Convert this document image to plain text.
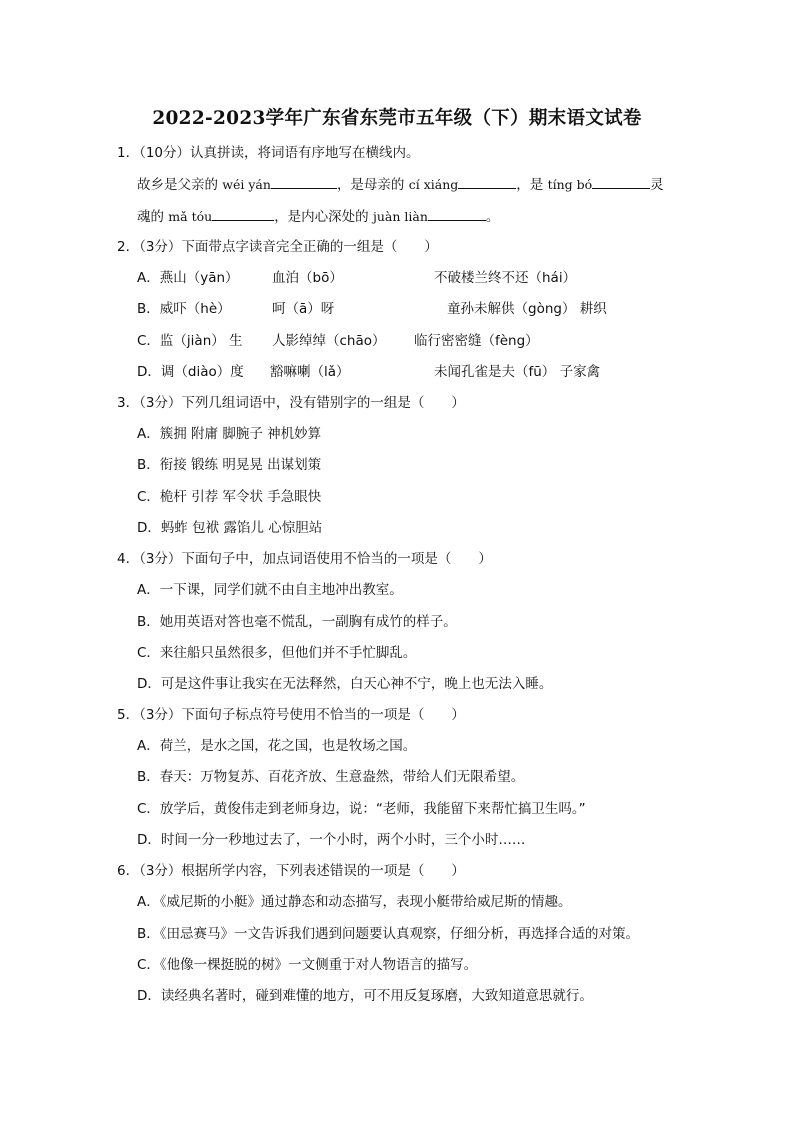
2022-2023学年广东省东莞市五年级（下）期末语文试卷
1．（10分）认真拼读，将词语有序地写在横线内。
故乡是父亲的 wéi yán	，是母亲的 cí xiáng	，是 tíng bó	灵
魂的 mǎ tóu	，是内心深处的 juàn liàn	。
2．（3分）下面带点字读音完全正确的一组是（　　）
A．燕山（yān） 血泊（bō）	不破楼兰终不还（hái）
B．威吓（hè）	呵（ā）呀	童孙未解供（gòng） 耕织
C．监（jiàn） 生 人影绰绰（chāo） 临行密密缝（fèng）
D．调（diào）度 豁嘛喇（lǎ）	未闻孔雀是夫（fū） 子家禽
3．（3分）下列几组词语中，没有错别字的一组是（　　）
A．簇拥 附庸 脚腕子 神机妙算
B．衔接 锻练 明晃晃 出谋划策
C．桅杆 引荐 军令状 手急眼快
D．蚂蚱 包袱 露馅儿 心惊胆站
4．（3分）下面句子中，加点词语使用不恰当的一项是（　　）
A．一下课，同学们就不由自主地冲出教室。
B．她用英语对答也毫不慌乱，一副胸有成竹的样子。
C．来往船只虽然很多，但他们并不手忙脚乱。
D．可是这件事让我实在无法释然，白天心神不宁，晚上也无法入睡。
5．（3分）下面句子标点符号使用不恰当的一项是（　　）
A．荷兰，是水之国，花之国，也是牧场之国。
B．春天：万物复苏、百花齐放、生意盎然，带给人们无限希望。
C．放学后，黄俊伟走到老师身边，说：“老师，我能留下来帮忙搞卫生吗。”
D．时间一分一秒地过去了，一个小时，两个小时，三个小时……
6．（3分）根据所学内容，下列表述错误的一项是（　　）
A．《威尼斯的小艇》通过静态和动态描写，表现小艇带给威尼斯的情趣。
B．《田忌赛马》一文告诉我们遇到问题要认真观察，仔细分析，再选择合适的对策。
C．《他像一棵挺脱的树》一文侧重于对人物语言的描写。
D．读经典名著时，碰到难懂的地方，可不用反复琢磨，大致知道意思就行。
